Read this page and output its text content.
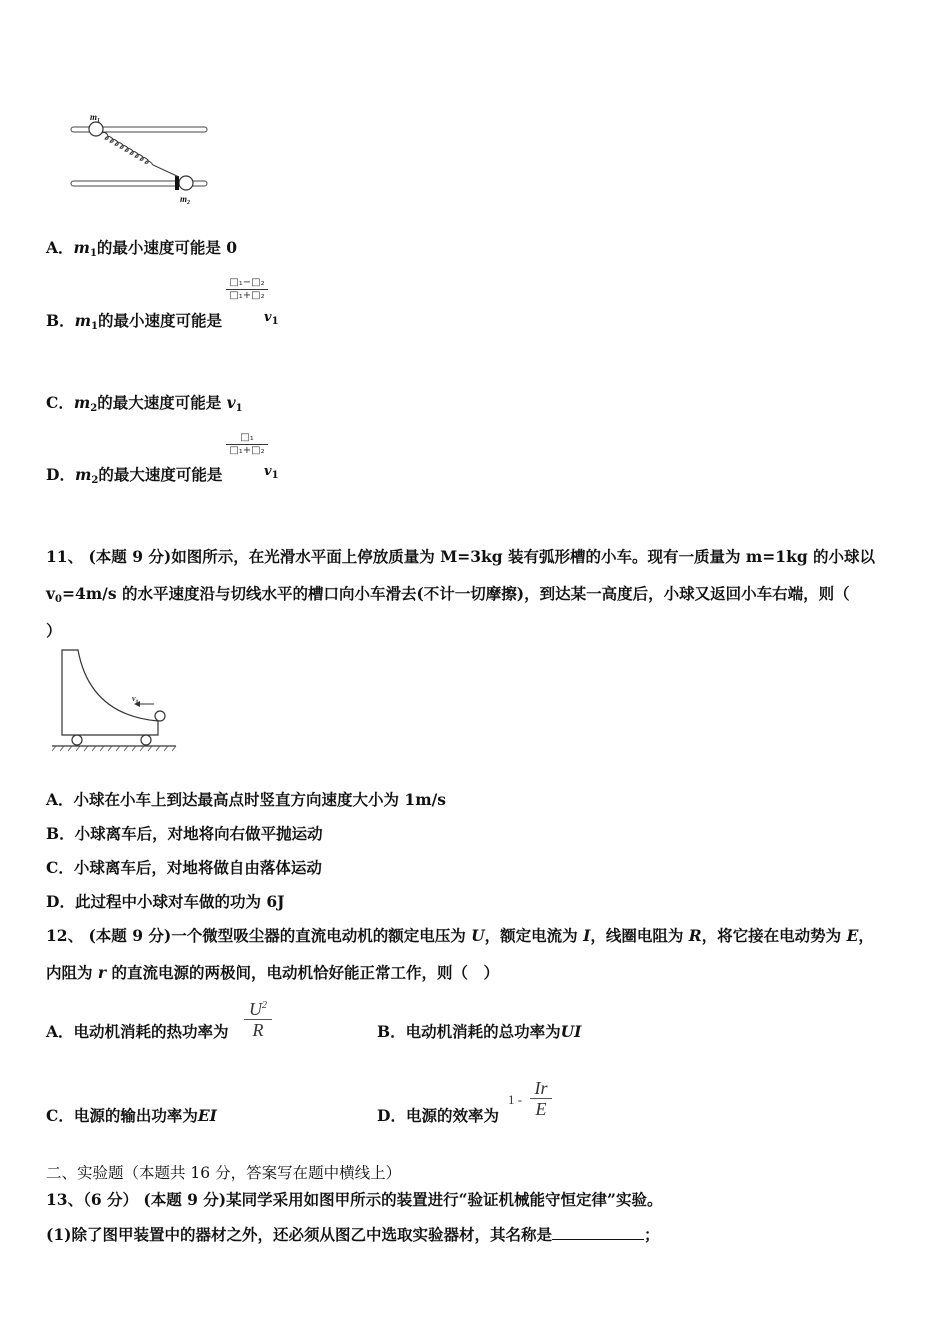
$m_1$
$m_2$
A．$m_1$的最小速度可能是 0
B．$m_1$的最小速度可能是
□₁−□₂
□₁+□₂
$v_1$
C．$m_2$的最大速度可能是 $v_1$
D．$m_2$的最大速度可能是
□₁
□₁+□₂
$v_1$
11、 (本题 9 分)如图所示，在光滑水平面上停放质量为 M=3kg 装有弧形槽的小车。现有一质量为 m=1kg 的小球以
$v_0=4m/s$ 的水平速度沿与切线水平的槽口向小车滑去(不计一切摩擦)，到达某一高度后，小球又返回小车右端，则（
）
v₀
A．小球在小车上到达最高点时竖直方向速度大小为 1m/s
B．小球离车后，对地将向右做平抛运动
C．小球离车后，对地将做自由落体运动
D．此过程中小球对车做的功为 6J
12、 (本题 9 分)一个微型吸尘器的直流电动机的额定电压为 U，额定电流为 I，线圈电阻为 R，将它接在电动势为 E，
内阻为 r 的直流电源的两极间，电动机恰好能正常工作，则（　）
A．电动机消耗的热功率为
$U^2$
R	B．电动机消耗的总功率为UI
C．电源的输出功率为EI	D．电源的效率为
1 -
Ir
E
二、实验题（本题共 16 分，答案写在题中横线上）
13、（6 分） (本题 9 分)某同学采用如图甲所示的装置进行“验证机械能守恒定律”实验。
(1)除了图甲装置中的器材之外，还必须从图乙中选取实验器材，其名称是	；
